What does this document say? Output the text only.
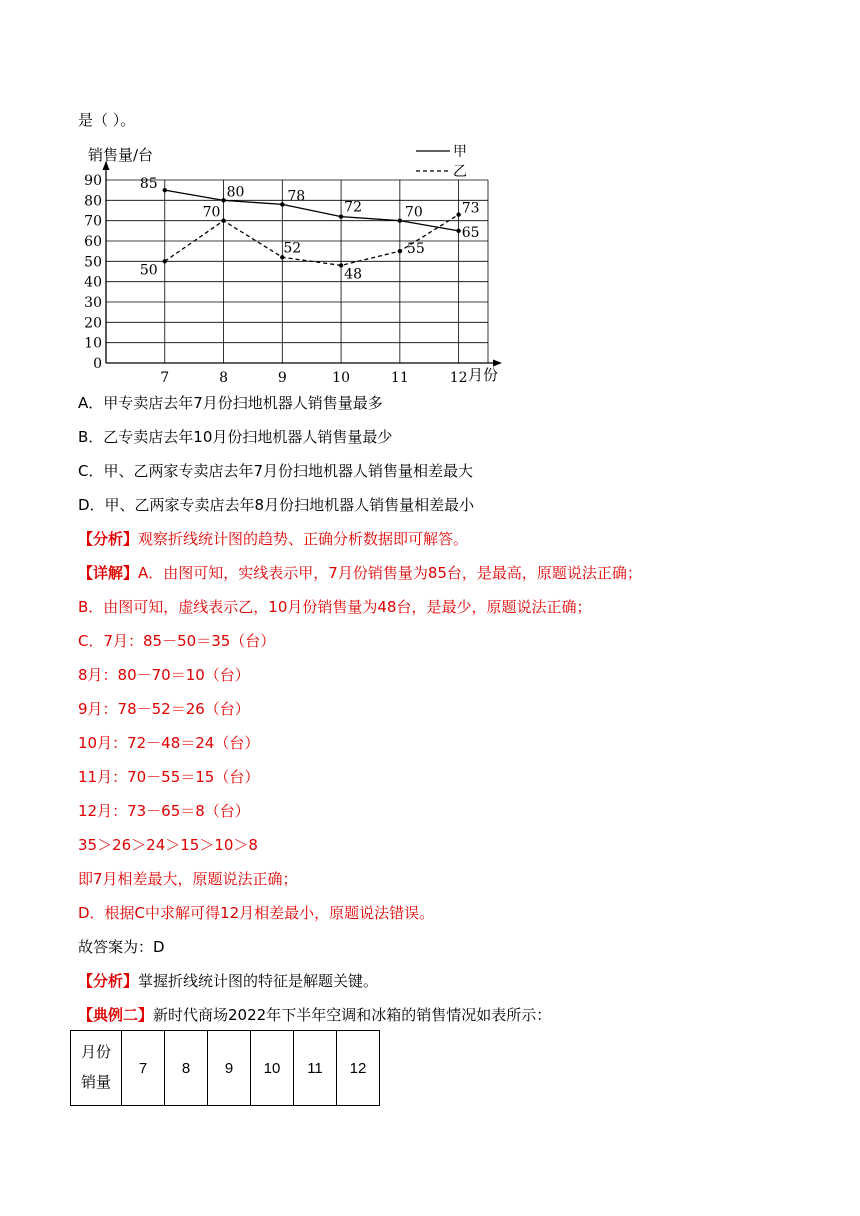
是（ ）。
0
10
20
30
40
50
60
70
80
90
7	8	9	10	11	12
85
80	78
72	70
65
50
70
52
48
55
73
销售量/台
月份
甲
乙
A．甲专卖店去年7月份扫地机器人销售量最多
B．乙专卖店去年10月份扫地机器人销售量最少
C．甲、乙两家专卖店去年7月份扫地机器人销售量相差最大
D．甲、乙两家专卖店去年8月份扫地机器人销售量相差最小
【分析】观察折线统计图的趋势、正确分析数据即可解答。
【详解】A．由图可知，实线表示甲，7月份销售量为85台，是最高，原题说法正确；
B．由图可知，虚线表示乙，10月份销售量为48台，是最少，原题说法正确；
C．7月：85－50＝35（台）
8月：80－70＝10（台）
9月：78－52＝26（台）
10月：72－48＝24（台）
11月：70－55＝15（台）
12月：73－65＝8（台）
35＞26＞24＞15＞10＞8
即7月相差最大，原题说法正确；
D．根据C中求解可得12月相差最小，原题说法错误。
故答案为：D
【分析】掌握折线统计图的特征是解题关键。
【典例二】新时代商场2022年下半年空调和冰箱的销售情况如表所示：
月份
销量
	7	8	9	10	11	12
